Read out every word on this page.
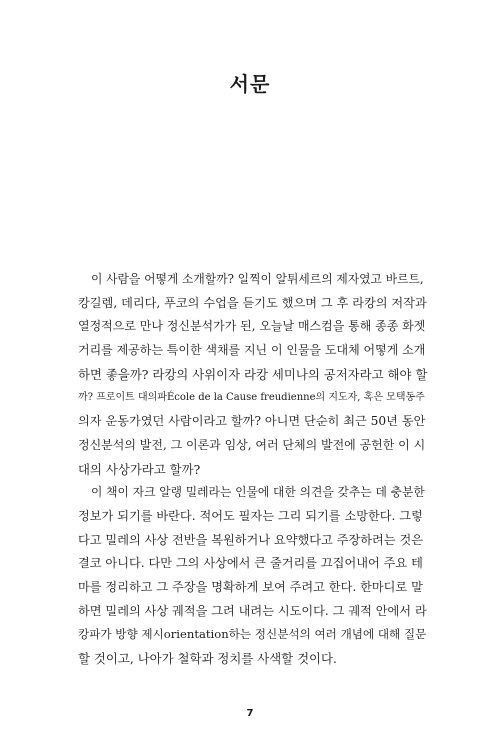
서문
이 사람을 어떻게 소개할까? 일찍이 알튀세르의 제자였고 바르트,
캉길렘, 데리다, 푸코의 수업을 듣기도 했으며 그 후 라캉의 저작과
열정적으로 만나 정신분석가가 된, 오늘날 매스컴을 통해 종종 화젯
거리를 제공하는 특이한 색채를 지닌 이 인물을 도대체 어떻게 소개
하면 좋을까? 라캉의 사위이자 라캉 세미나의 공저자라고 해야 할
까? 프로이트 대의파École de la Cause freudienne의 지도자, 혹은 모택동주
의자 운동가였던 사람이라고 할까? 아니면 단순히 최근 50년 동안
정신분석의 발전, 그 이론과 임상, 여러 단체의 발전에 공헌한 이 시
대의 사상가라고 할까?
이 책이 자크 알랭 밀레라는 인물에 대한 의견을 갖추는 데 충분한
정보가 되기를 바란다. 적어도 필자는 그리 되기를 소망한다. 그렇
다고 밀레의 사상 전반을 복원하거나 요약했다고 주장하려는 것은
결코 아니다. 다만 그의 사상에서 큰 줄거리를 끄집어내어 주요 테
마를 정리하고 그 주장을 명확하게 보여 주려고 한다. 한마디로 말
하면 밀레의 사상 궤적을 그려 내려는 시도이다. 그 궤적 안에서 라
캉파가 방향 제시orientation하는 정신분석의 여러 개념에 대해 질문
할 것이고, 나아가 철학과 정치를 사색할 것이다.
7
